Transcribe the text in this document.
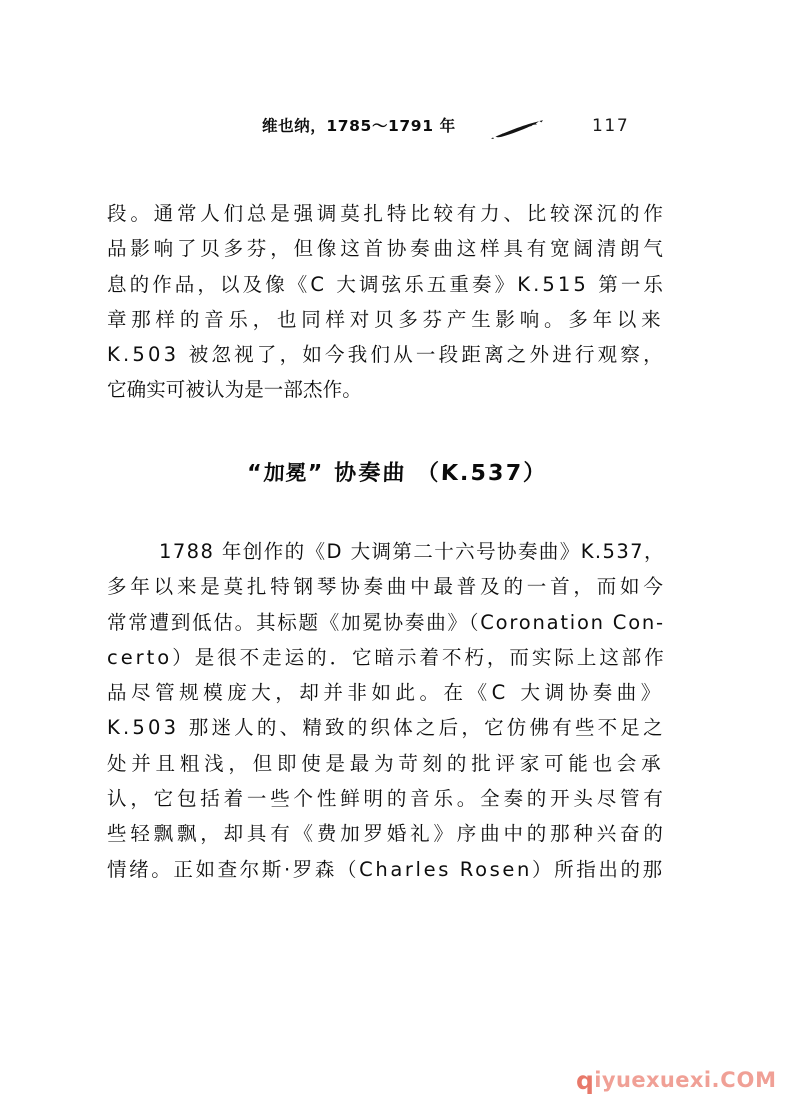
维也纳，1785～1791 年	117
段。通常人们总是强调莫扎特比较有力、比较深沉的作
品影响了贝多芬，但像这首协奏曲这样具有宽阔清朗气
息的作品，以及像《C 大调弦乐五重奏》K.515 第一乐
章那样的音乐，也同样对贝多芬产生影响。多年以来
K.503 被忽视了，如今我们从一段距离之外进行观察，
它确实可被认为是一部杰作。
“加冕” 协奏曲 （K.537）
1788 年创作的《D 大调第二十六号协奏曲》K.537，
多年以来是莫扎特钢琴协奏曲中最普及的一首，而如今
常常遭到低估。其标题《加冕协奏曲》（Coronation Con-
certo）是很不走运的．它暗示着不朽，而实际上这部作
品尽管规模庞大，却并非如此。在《C 大调协奏曲》
K.503 那迷人的、精致的织体之后，它仿佛有些不足之
处并且粗浅，但即使是最为苛刻的批评家可能也会承
认，它包括着一些个性鲜明的音乐。全奏的开头尽管有
些轻飘飘，却具有《费加罗婚礼》序曲中的那种兴奋的
情绪。正如查尔斯·罗森（Charles Rosen）所指出的那
qiyuexuexi.COM
